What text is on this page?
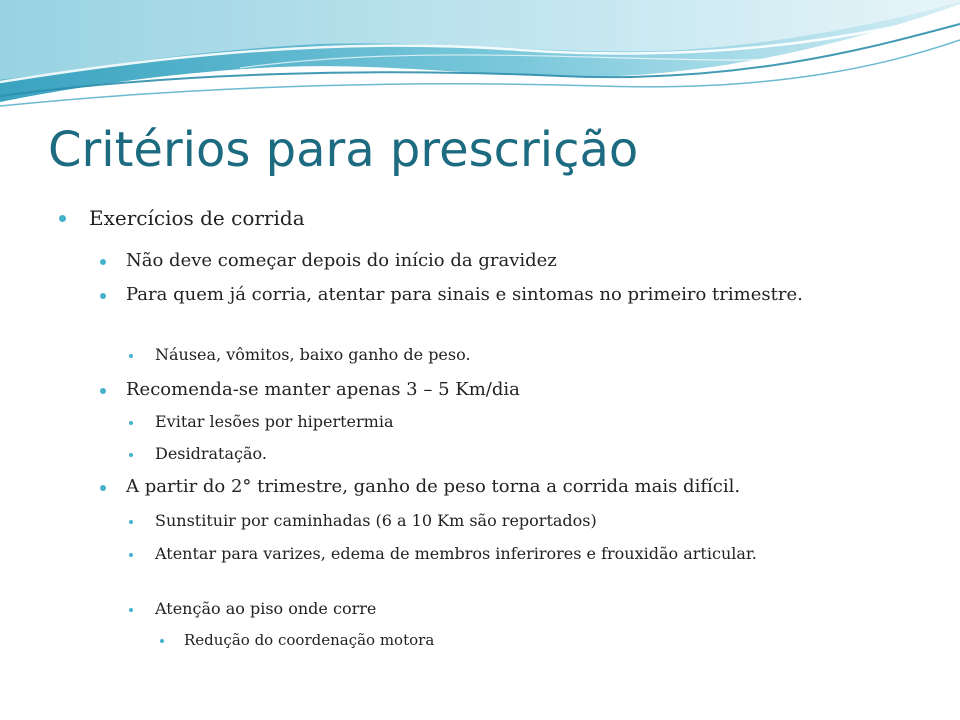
Critérios para prescrição
Exercícios de corrida
Não deve começar depois do início da gravidez
Para quem já corria, atentar para sinais e sintomas no primeiro trimestre.
Náusea, vômitos, baixo ganho de peso.
Recomenda-se manter apenas 3 – 5 Km/dia
Evitar lesões por hipertermia
Desidratação.
A partir do 2° trimestre, ganho de peso torna a corrida mais difícil.
Sunstituir por caminhadas (6 a 10 Km são reportados)
Atentar para varizes, edema de membros inferirores e frouxidão articular.
Atenção ao piso onde corre
Redução do coordenação motora
